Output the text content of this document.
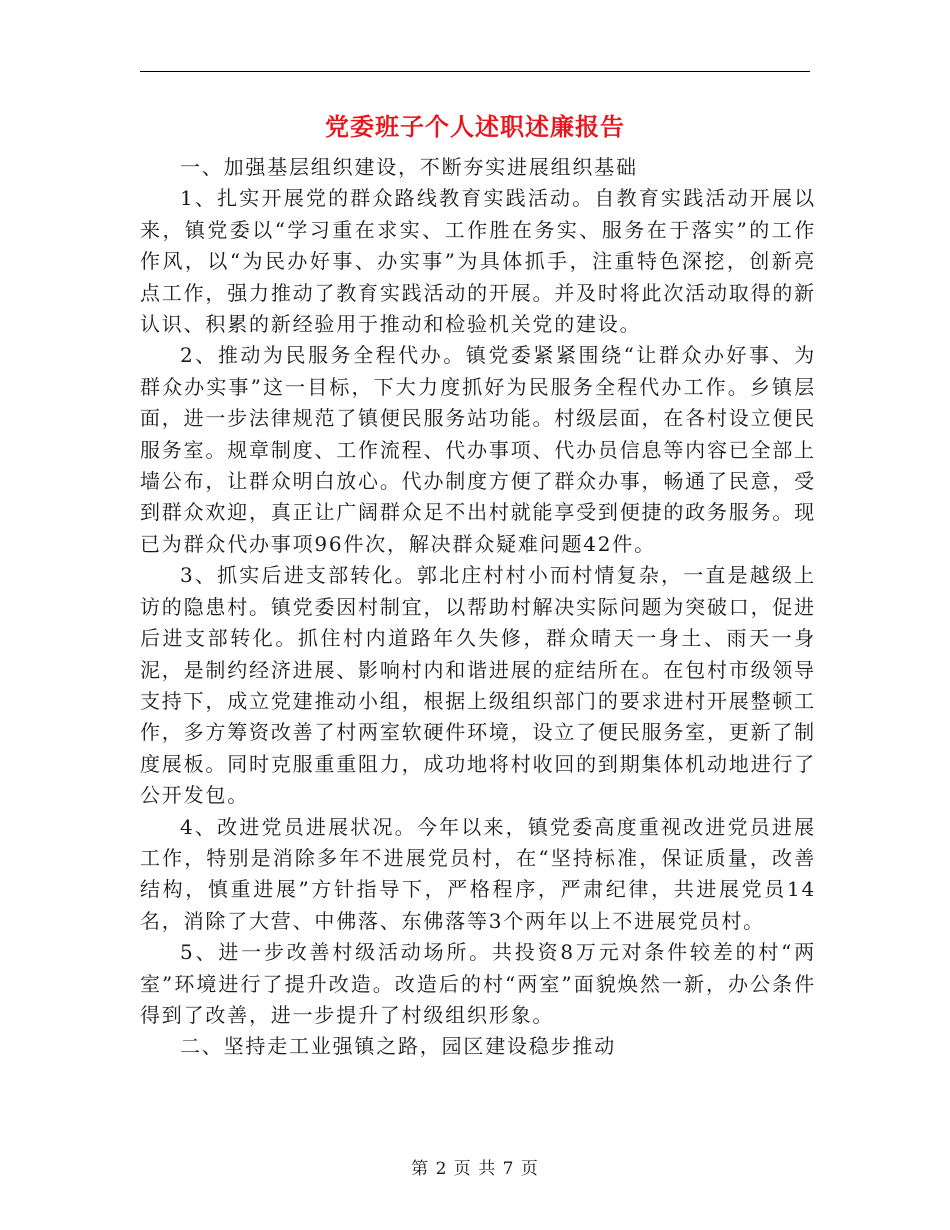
党委班子个人述职述廉报告

一、加强基层组织建设，不断夯实进展组织基础

1、扎实开展党的群众路线教育实践活动。自教育实践活动开展以来，镇党委以“学习重在求实、工作胜在务实、服务在于落实”的工作作风，以“为民办好事、办实事”为具体抓手，注重特色深挖，创新亮点工作，强力推动了教育实践活动的开展。并及时将此次活动取得的新认识、积累的新经验用于推动和检验机关党的建设。

2、推动为民服务全程代办。镇党委紧紧围绕“让群众办好事、为群众办实事”这一目标，下大力度抓好为民服务全程代办工作。乡镇层面，进一步法律规范了镇便民服务站功能。村级层面，在各村设立便民服务室。规章制度、工作流程、代办事项、代办员信息等内容已全部上墙公布，让群众明白放心。代办制度方便了群众办事，畅通了民意，受到群众欢迎，真正让广阔群众足不出村就能享受到便捷的政务服务。现已为群众代办事项96件次，解决群众疑难问题42件。

3、抓实后进支部转化。郭北庄村村小而村情复杂，一直是越级上访的隐患村。镇党委因村制宜，以帮助村解决实际问题为突破口，促进后进支部转化。抓住村内道路年久失修，群众晴天一身土、雨天一身泥，是制约经济进展、影响村内和谐进展的症结所在。在包村市级领导支持下，成立党建推动小组，根据上级组织部门的要求进村开展整顿工作，多方筹资改善了村两室软硬件环境，设立了便民服务室，更新了制度展板。同时克服重重阻力，成功地将村收回的到期集体机动地进行了公开发包。

4、改进党员进展状况。今年以来，镇党委高度重视改进党员进展工作，特别是消除多年不进展党员村，在“坚持标准，保证质量，改善结构，慎重进展”方针指导下，严格程序，严肃纪律，共进展党员14名，消除了大营、中佛落、东佛落等3个两年以上不进展党员村。

5、进一步改善村级活动场所。共投资8万元对条件较差的村“两室”环境进行了提升改造。改造后的村“两室”面貌焕然一新，办公条件得到了改善，进一步提升了村级组织形象。

二、坚持走工业强镇之路，园区建设稳步推动

第 2 页 共 7 页
